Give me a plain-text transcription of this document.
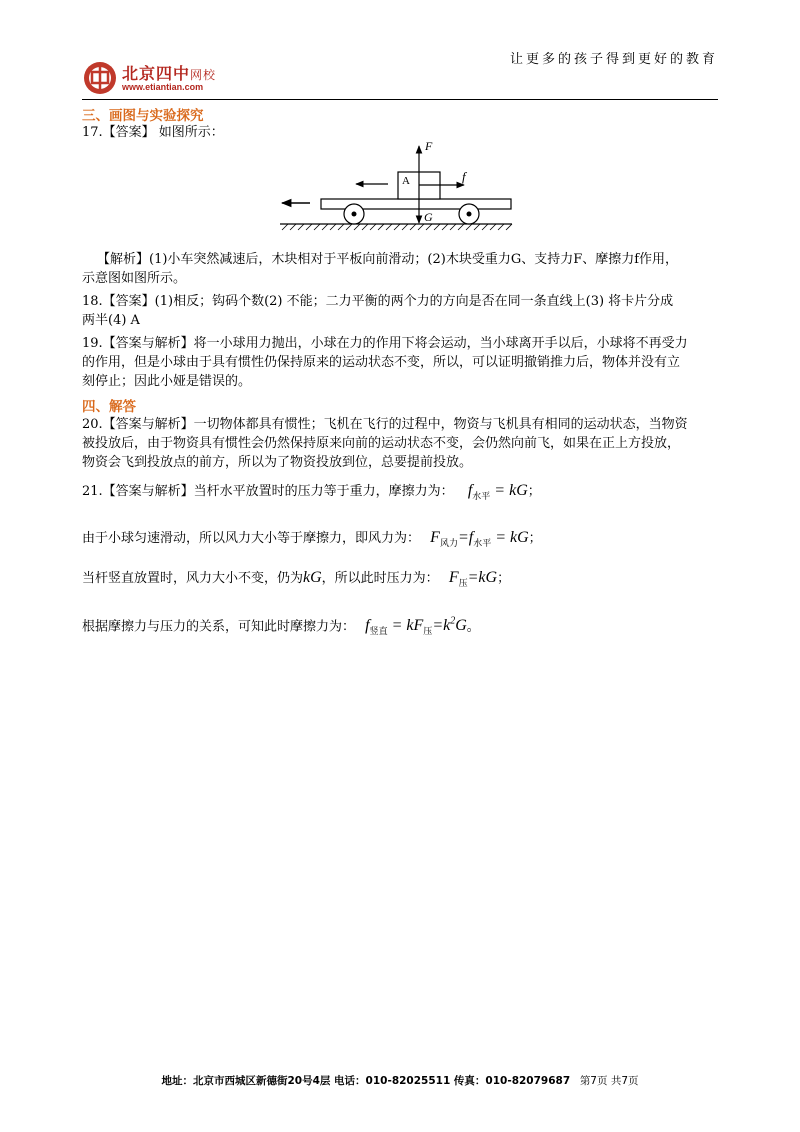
让更多的孩子得到更好的教育
北京四中网校
www.etiantian.com
三、画图与实验探究
17.【答案】 如图所示：
F
A	f
G
【解析】(1)小车突然减速后，木块相对于平板向前滑动；(2)木块受重力G、支持力F、摩擦力f作用，
示意图如图所示。
18.【答案】(1)相反；钩码个数(2) 不能；二力平衡的两个力的方向是否在同一条直线上(3) 将卡片分成
两半(4) A
19.【答案与解析】将一小球用力抛出，小球在力的作用下将会运动，当小球离开手以后，小球将不再受力
的作用，但是小球由于具有惯性仍保持原来的运动状态不变，所以，可以证明撤销推力后，物体并没有立
刻停止；因此小娅是错误的。
四、解答
20.【答案与解析】一切物体都具有惯性；飞机在飞行的过程中，物资与飞机具有相同的运动状态，当物资
被投放后，由于物资具有惯性会仍然保持原来向前的运动状态不变，会仍然向前飞，如果在正上方投放，
物资会飞到投放点的前方，所以为了物资投放到位，总要提前投放。
21.【答案与解析】当杆水平放置时的压力等于重力，摩擦力为： $f_{水平}$ = kG；
由于小球匀速滑动，所以风力大小等于摩擦力，即风力为： $F_{风力}=f_{水平}$ = kG；
当杆竖直放置时，风力大小不变，仍为kG，所以此时压力为： $F_压=kG$；
根据摩擦力与压力的关系，可知此时摩擦力为： $f_{竖直} = kF_压=k^2G$。
地址：北京市西城区新德街20号4层 电话：010-82025511 传真：010-82079687 第7页 共7页
